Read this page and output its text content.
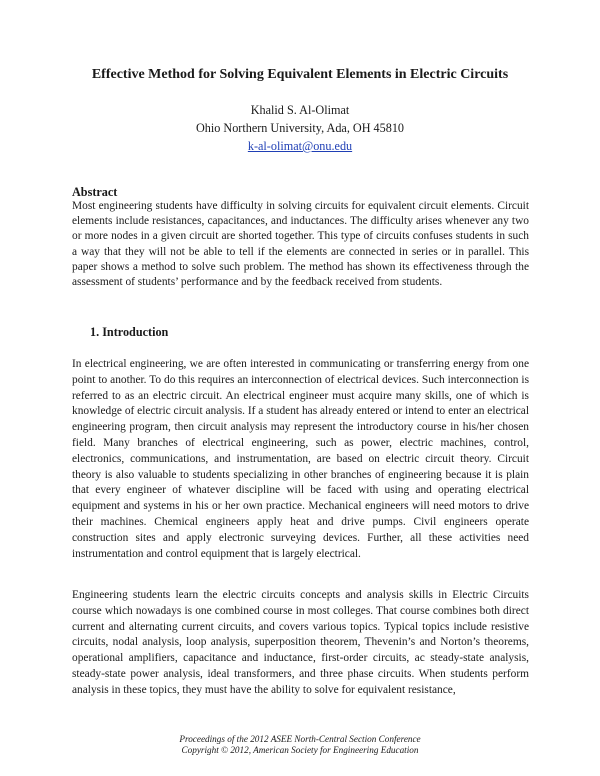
Effective Method for Solving Equivalent Elements in Electric Circuits
Khalid S. Al-Olimat
Ohio Northern University, Ada, OH 45810
k-al-olimat@onu.edu
Abstract

Most engineering students have difficulty in solving circuits for equivalent circuit elements. Circuit elements include resistances, capacitances, and inductances. The difficulty arises whenever any two or more nodes in a given circuit are shorted together. This type of circuits confuses students in such a way that they will not be able to tell if the elements are connected in series or in parallel. This paper shows a method to solve such problem. The method has shown its effectiveness through the assessment of students’ performance and by the feedback received from students.

1. Introduction

In electrical engineering, we are often interested in communicating or transferring energy from one point to another. To do this requires an interconnection of electrical devices. Such interconnection is referred to as an electric circuit. An electrical engineer must acquire many skills, one of which is knowledge of electric circuit analysis. If a student has already entered or intend to enter an electrical engineering program, then circuit analysis may represent the introductory course in his/her chosen field. Many branches of electrical engineering, such as power, electric machines, control, electronics, communications, and instrumentation, are based on electric circuit theory. Circuit theory is also valuable to students specializing in other branches of engineering because it is plain that every engineer of whatever discipline will be faced with using and operating electrical equipment and systems in his or her own practice. Mechanical engineers will need motors to drive their machines. Chemical engineers apply heat and drive pumps. Civil engineers operate construction sites and apply electronic surveying devices. Further, all these activities need instrumentation and control equipment that is largely electrical.

Engineering students learn the electric circuits concepts and analysis skills in Electric Circuits course which nowadays is one combined course in most colleges. That course combines both direct current and alternating current circuits, and covers various topics. Typical topics include resistive circuits, nodal analysis, loop analysis, superposition theorem, Thevenin’s and Norton’s theorems, operational amplifiers, capacitance and inductance, first-order circuits, ac steady-state analysis, steady-state power analysis, ideal transformers, and three phase circuits. When students perform analysis in these topics, they must have the ability to solve for equivalent resistance,

Proceedings of the 2012 ASEE North-Central Section Conference
Copyright © 2012, American Society for Engineering Education
